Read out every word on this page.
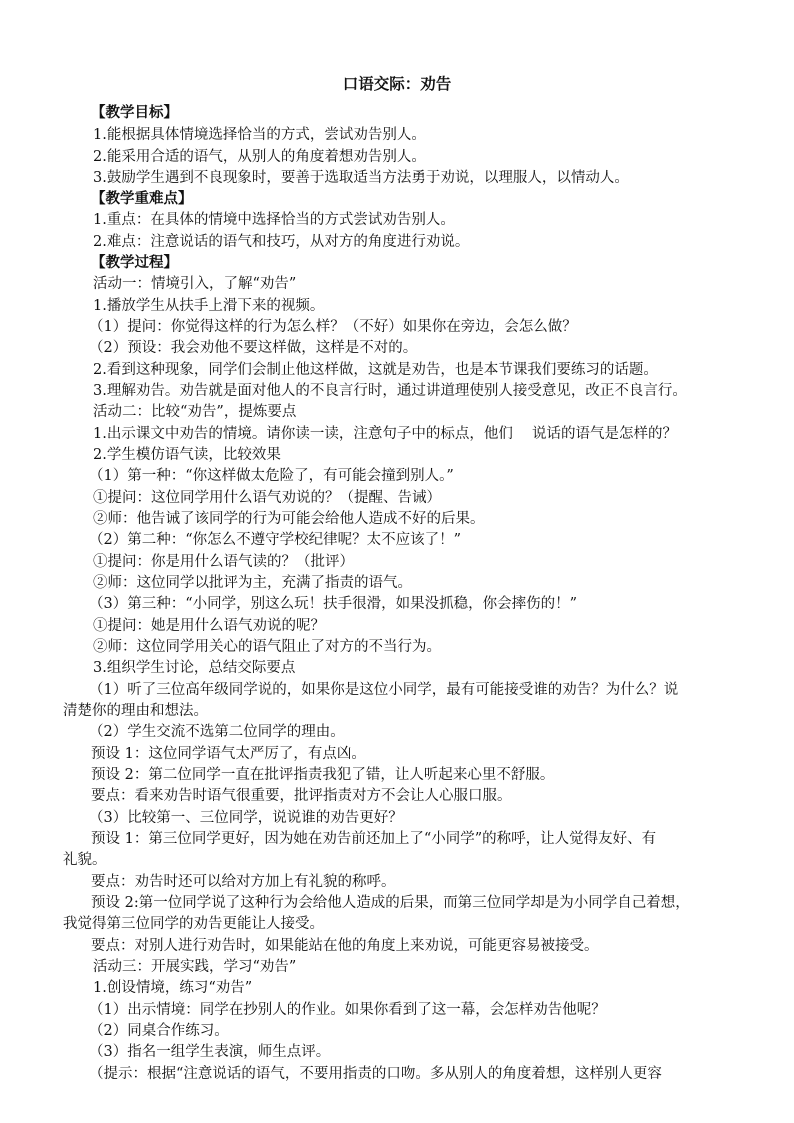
口语交际：劝告
【教学目标】
1.能根据具体情境选择恰当的方式，尝试劝告别人。
2.能采用合适的语气，从别人的角度着想劝告别人。
3.鼓励学生遇到不良现象时，要善于选取适当方法勇于劝说，以理服人，以情动人。
【教学重难点】
1.重点：在具体的情境中选择恰当的方式尝试劝告别人。
2.难点：注意说话的语气和技巧，从对方的角度进行劝说。
【教学过程】
活动一：情境引入，了解“劝告”
1.播放学生从扶手上滑下来的视频。
（1）提问：你觉得这样的行为怎么样？（不好）如果你在旁边，会怎么做？
（2）预设：我会劝他不要这样做，这样是不对的。
2.看到这种现象，同学们会制止他这样做，这就是劝告，也是本节课我们要练习的话题。
3.理解劝告。劝告就是面对他人的不良言行时，通过讲道理使别人接受意见，改正不良言行。
活动二：比较“劝告”，提炼要点
1.出示课文中劝告的情境。请你读一读，注意句子中的标点，他们 　说话的语气是怎样的？
2.学生模仿语气读，比较效果
（1）第一种：“你这样做太危险了，有可能会撞到别人。”
①提问：这位同学用什么语气劝说的？（提醒、告诫）
②师：他告诫了该同学的行为可能会给他人造成不好的后果。
（2）第二种：“你怎么不遵守学校纪律呢？太不应该了！”
①提问：你是用什么语气读的？（批评）
②师：这位同学以批评为主，充满了指责的语气。
（3）第三种：“小同学，别这么玩！扶手很滑，如果没抓稳，你会摔伤的！”
①提问：她是用什么语气劝说的呢？
②师：这位同学用关心的语气阻止了对方的不当行为。
3.组织学生讨论，总结交际要点
（1）听了三位高年级同学说的，如果你是这位小同学，最有可能接受谁的劝告？为什么？说
清楚你的理由和想法。
（2）学生交流不选第二位同学的理由。
预设 1：这位同学语气太严厉了，有点凶。
预设 2：第二位同学一直在批评指责我犯了错，让人听起来心里不舒服。
要点：看来劝告时语气很重要，批评指责对方不会让人心服口服。
（3）比较第一、三位同学，说说谁的劝告更好？
预设 1：第三位同学更好，因为她在劝告前还加上了“小同学”的称呼，让人觉得友好、有
礼貌。
要点：劝告时还可以给对方加上有礼貌的称呼。
预设 2:第一位同学说了这种行为会给他人造成的后果，而第三位同学却是为小同学自己着想，
我觉得第三位同学的劝告更能让人接受。
要点：对别人进行劝告时，如果能站在他的角度上来劝说，可能更容易被接受。
活动三：开展实践，学习“劝告”
1.创设情境，练习“劝告”
（1）出示情境：同学在抄别人的作业。如果你看到了这一幕，会怎样劝告他呢？
（2）同桌合作练习。
（3）指名一组学生表演，师生点评。
（提示：根据“注意说话的语气，不要用指责的口吻。多从别人的角度着想，这样别人更容
